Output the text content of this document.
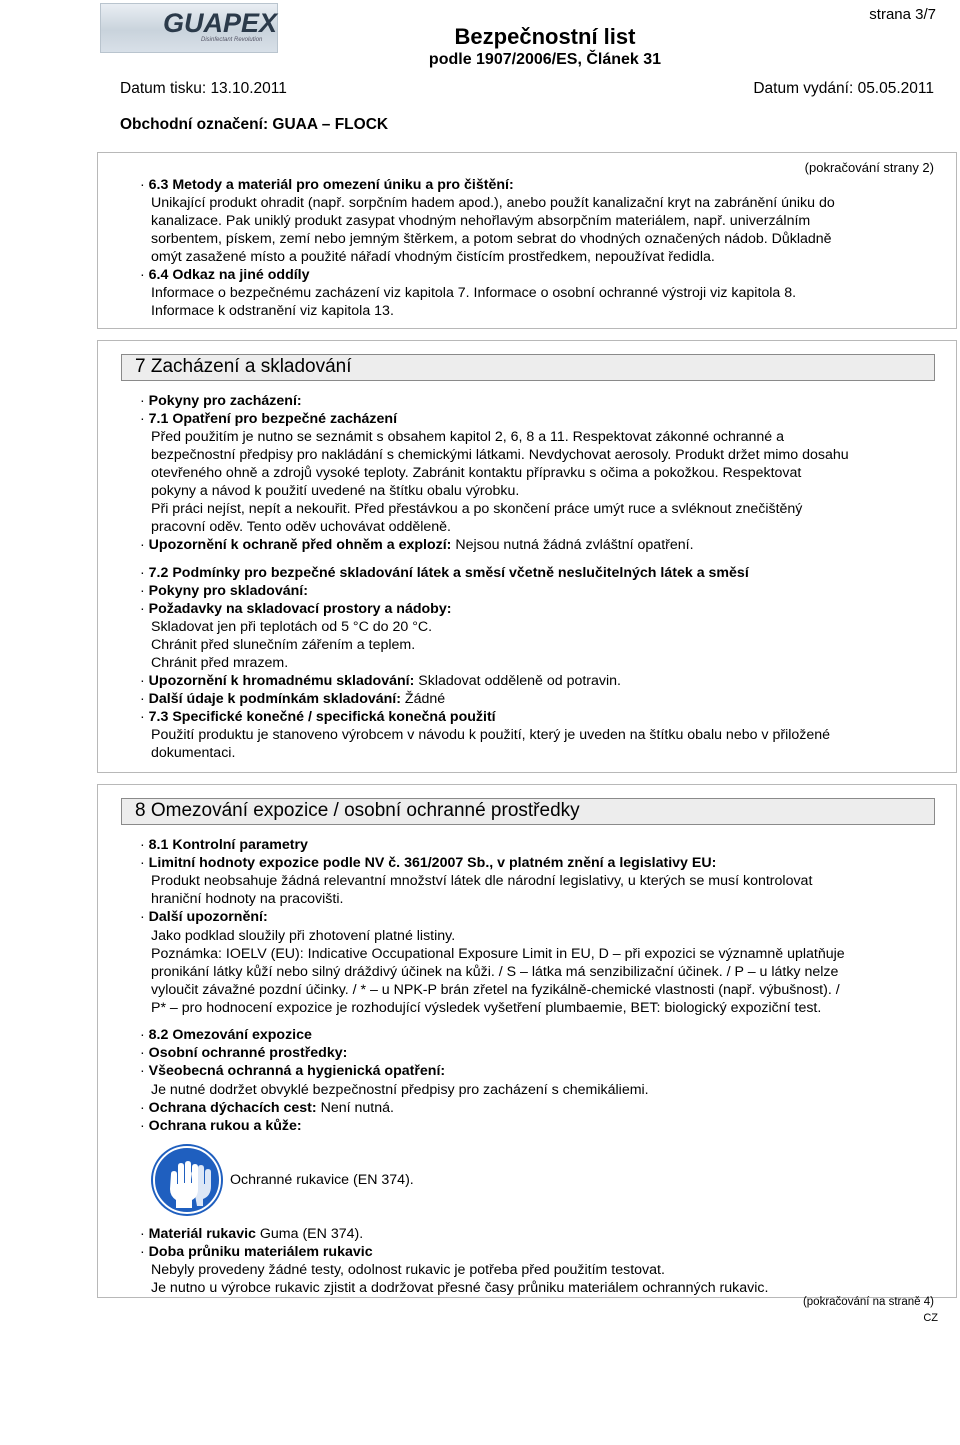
GUAPEX
Disinfectant Revolution
strana 3/7
Bezpečnostní list
podle 1907/2006/ES, Článek 31
Datum tisku: 13.10.2011	Datum vydání: 05.05.2011
Obchodní označení: GUAA – FLOCK
(pokračování strany 2)
· 6.3 Metody a materiál pro omezení úniku a pro čištění:
Unikající produkt ohradit (např. sorpčním hadem apod.), anebo použít kanalizační kryt na zabránění úniku do
kanalizace. Pak uniklý produkt zasypat vhodným nehořlavým absorpčním materiálem, např. univerzálním
sorbentem, pískem, zemí nebo jemným štěrkem, a potom sebrat do vhodných označených nádob. Důkladně
omýt zasažené místo a použité nářadí vhodným čistícím prostředkem, nepoužívat ředidla.
· 6.4 Odkaz na jiné oddíly
Informace o bezpečnému zacházení viz kapitola 7. Informace o osobní ochranné výstroji viz kapitola 8.
Informace k odstranění viz kapitola 13.
7 Zacházení a skladování
· Pokyny pro zacházení:
· 7.1 Opatření pro bezpečné zacházení
Před použitím je nutno se seznámit s obsahem kapitol 2, 6, 8 a 11. Respektovat zákonné ochranné a
bezpečnostní předpisy pro nakládání s chemickými látkami. Nevdychovat aerosoly. Produkt držet mimo dosahu
otevřeného ohně a zdrojů vysoké teploty. Zabránit kontaktu přípravku s očima a pokožkou. Respektovat
pokyny a návod k použití uvedené na štítku obalu výrobku.
Při práci nejíst, nepít a nekouřit. Před přestávkou a po skončení práce umýt ruce a svléknout znečištěný
pracovní oděv. Tento oděv uchovávat odděleně.
· Upozornění k ochraně před ohněm a explozí: Nejsou nutná žádná zvláštní opatření.
· 7.2 Podmínky pro bezpečné skladování látek a směsí včetně neslučitelných látek a směsí
· Pokyny pro skladování:
· Požadavky na skladovací prostory a nádoby:
Skladovat jen při teplotách od 5 °C do 20 °C.
Chránit před slunečním zářením a teplem.
Chránit před mrazem.
· Upozornění k hromadnému skladování: Skladovat odděleně od potravin.
· Další údaje k podmínkám skladování: Žádné
· 7.3 Specifické konečné / specifická konečná použití
Použití produktu je stanoveno výrobcem v návodu k použití, který je uveden na štítku obalu nebo v přiložené
dokumentaci.
8 Omezování expozice / osobní ochranné prostředky
· 8.1 Kontrolní parametry
· Limitní hodnoty expozice podle NV č. 361/2007 Sb., v platném znění a legislativy EU:
Produkt neobsahuje žádná relevantní množství látek dle národní legislativy, u kterých se musí kontrolovat
hraniční hodnoty na pracovišti.
· Další upozornění:
Jako podklad sloužily při zhotovení platné listiny.
Poznámka: IOELV (EU): Indicative Occupational Exposure Limit in EU, D – při expozici se významně uplatňuje
pronikání látky kůží nebo silný dráždivý účinek na kůži. / S – látka má senzibilizační účinek. / P – u látky nelze
vyloučit závažné pozdní účinky. / * – u NPK-P brán zřetel na fyzikálně-chemické vlastnosti (např. výbušnost). /
P* – pro hodnocení expozice je rozhodující výsledek vyšetření plumbaemie, BET: biologický expoziční test.
· 8.2 Omezování expozice
· Osobní ochranné prostředky:
· Všeobecná ochranná a hygienická opatření:
Je nutné dodržet obvyklé bezpečnostní předpisy pro zacházení s chemikáliemi.
· Ochrana dýchacích cest: Není nutná.
· Ochrana rukou a kůže:
Ochranné rukavice (EN 374).
· Materiál rukavic Guma (EN 374).
· Doba průniku materiálem rukavic
Nebyly provedeny žádné testy, odolnost rukavic je potřeba před použitím testovat.
Je nutno u výrobce rukavic zjistit a dodržovat přesné časy průniku materiálem ochranných rukavic.
(pokračování na straně 4)
CZ
